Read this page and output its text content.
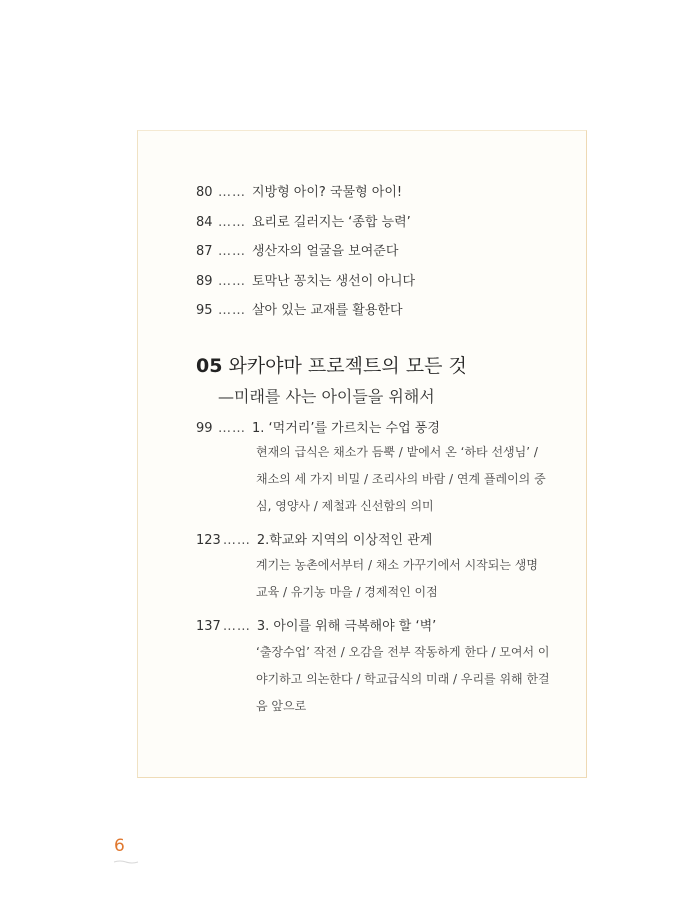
80 …… 지방형 아이? 국물형 아이!
84 …… 요리로 길러지는 ‘종합 능력’
87 …… 생산자의 얼굴을 보여준다
89 …… 토막난 꽁치는 생선이 아니다
95 …… 살아 있는 교재를 활용한다
05 와카야마 프로젝트의 모든 것
—미래를 사는 아이들을 위해서
99 …… 1. ‘먹거리’를 가르치는 수업 풍경
현재의 급식은 채소가 듬뿍 / 밭에서 온 ‘하타 선생님’ /
채소의 세 가지 비밀 / 조리사의 바람 / 연계 플레이의 중
심, 영양사 / 제철과 신선함의 의미
123 …… 2.학교와 지역의 이상적인 관계
계기는 농촌에서부터 / 채소 가꾸기에서 시작되는 생명
교육 / 유기농 마을 / 경제적인 이점
137 …… 3. 아이를 위해 극복해야 할 ‘벽’
‘출장수업’ 작전 / 오감을 전부 작동하게 한다 / 모여서 이
야기하고 의논한다 / 학교급식의 미래 / 우리를 위해 한걸
음 앞으로
6
